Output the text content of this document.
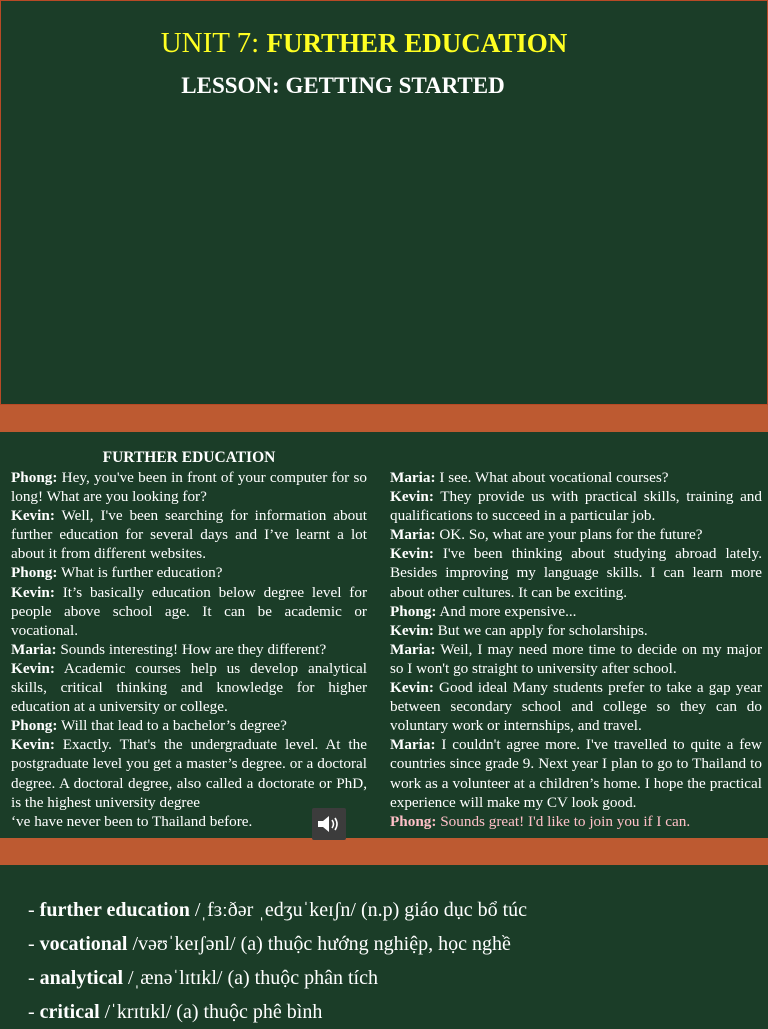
UNIT 7: FURTHER EDUCATION
LESSON: GETTING STARTED
FURTHER EDUCATION
Phong: Hey, you've been in front of your computer for so long! What are you looking for?
Kevin: Well, I've been searching for information about further education for several days and I’ve learnt a lot about it from different websites.
Phong: What is further education?
Kevin: It’s basically education below degree level for people above school age. It can be academic or vocational.
Maria: Sounds interesting! How are they different?
Kevin: Academic courses help us develop analytical skills, critical thinking and knowledge for higher education at a university or college.
Phong: Will that lead to a bachelor’s degree?
Kevin: Exactly. That's the undergraduate level. At the postgraduate level you get a master’s degree. or a doctoral degree. A doctoral degree, also called a doctorate or PhD, is the highest university degree
‘ve have never been to Thailand before.
Maria: I see. What about vocational courses?
Kevin: They provide us with practical skills, training and qualifications to succeed in a particular job.
Maria: OK. So, what are your plans for the future?
Kevin: I've been thinking about studying abroad lately. Besides improving my language skills. I can learn more about other cultures. It can be exciting.
Phong: And more expensive...
Kevin: But we can apply for scholarships.
Maria: Weil, I may need more time to decide on my major so I won't go straight to university after school.
Kevin: Good ideal Many students prefer to take a gap year between secondary school and college so they can do voluntary work or internships, and travel.
Maria: I couldn't agree more. I've travelled to quite a few countries since grade 9. Next year I plan to go to Thailand to work as a volunteer at a children’s home. I hope the practical experience will make my CV look good.
Phong: Sounds great! I'd like to join you if I can.
- further education /ˌfɜːðər ˌedʒuˈkeɪʃn/ (n.p) giáo dục bổ túc
- vocational /vəʊˈkeɪʃənl/ (a) thuộc hướng nghiệp, học nghề
- analytical /ˌænəˈlɪtɪkl/ (a) thuộc phân tích
- critical /ˈkrɪtɪkl/ (a) thuộc phê bình
